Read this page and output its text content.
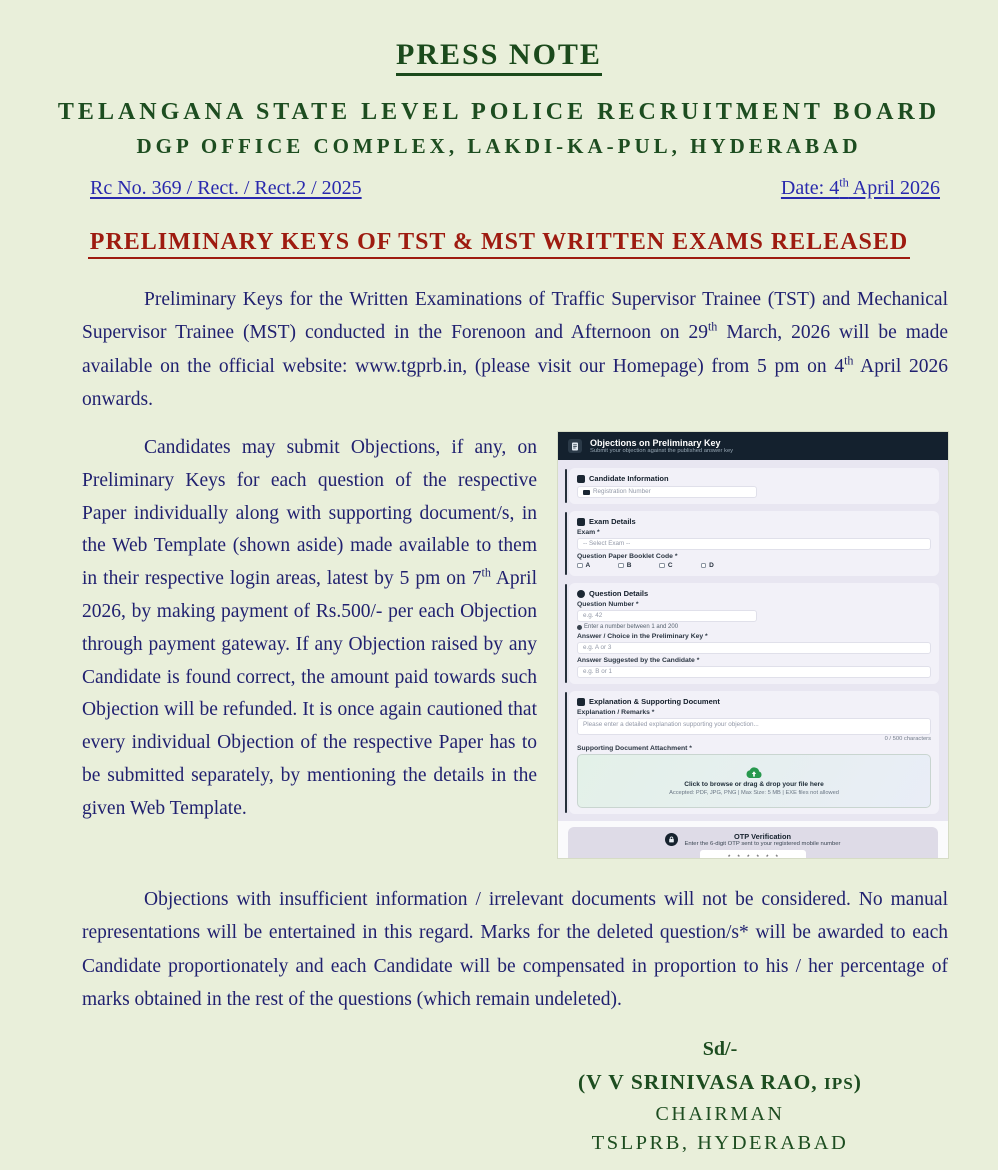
PRESS NOTE
TELANGANA STATE LEVEL POLICE RECRUITMENT BOARD
DGP OFFICE COMPLEX, LAKDI-KA-PUL, HYDERABAD
Rc No. 369 / Rect. / Rect.2 / 2025	Date: 4th April 2026
PRELIMINARY KEYS OF TST & MST WRITTEN EXAMS RELEASED

Preliminary Keys for the Written Examinations of Traffic Supervisor Trainee (TST) and Mechanical Supervisor Trainee (MST) conducted in the Forenoon and Afternoon on 29th March, 2026 will be made available on the official website: www.tgprb.in, (please visit our Homepage) from 5 pm on 4th April 2026 onwards.

Candidates may submit Objections, if any, on Preliminary Keys for each question of the respective Paper individually along with supporting document/s, in the Web Template (shown aside) made available to them in their respective login areas, latest by 5 pm on 7th April 2026, by making payment of Rs.500/- per each Objection through payment gateway. If any Objection raised by any Candidate is found correct, the amount paid towards such Objection will be refunded. It is once again cautioned that every individual Objection of the respective Paper has to be submitted separately, by mentioning the details in the given Web Template.

Objections on Preliminary Key
Submit your objection against the published answer key
Candidate Information
Registration Number
Exam Details
Exam *
-- Select Exam --
Question Paper Booklet Code *
A	B	C	D
Question Details
Question Number *
e.g. 42
Enter a number between 1 and 200
Answer / Choice in the Preliminary Key *
e.g. A or 3
Answer Suggested by the Candidate *
e.g. B or 1
Explanation & Supporting Document
Explanation / Remarks *
Please enter a detailed explanation supporting your objection...
0 / 500 characters
Supporting Document Attachment *
Click to browse or drag & drop your file here
Accepted: PDF, JPG, PNG | Max Size: 5 MB | EXE files not allowed
OTP Verification
Enter the 6-digit OTP sent to your registered mobile number
******

Objections with insufficient information / irrelevant documents will not be considered. No manual representations will be entertained in this regard. Marks for the deleted question/s* will be awarded to each Candidate proportionately and each Candidate will be compensated in proportion to his / her percentage of marks obtained in the rest of the questions (which remain undeleted).

Sd/-
(V V SRINIVASA RAO, IPS)
CHAIRMAN
TSLPRB, HYDERABAD
